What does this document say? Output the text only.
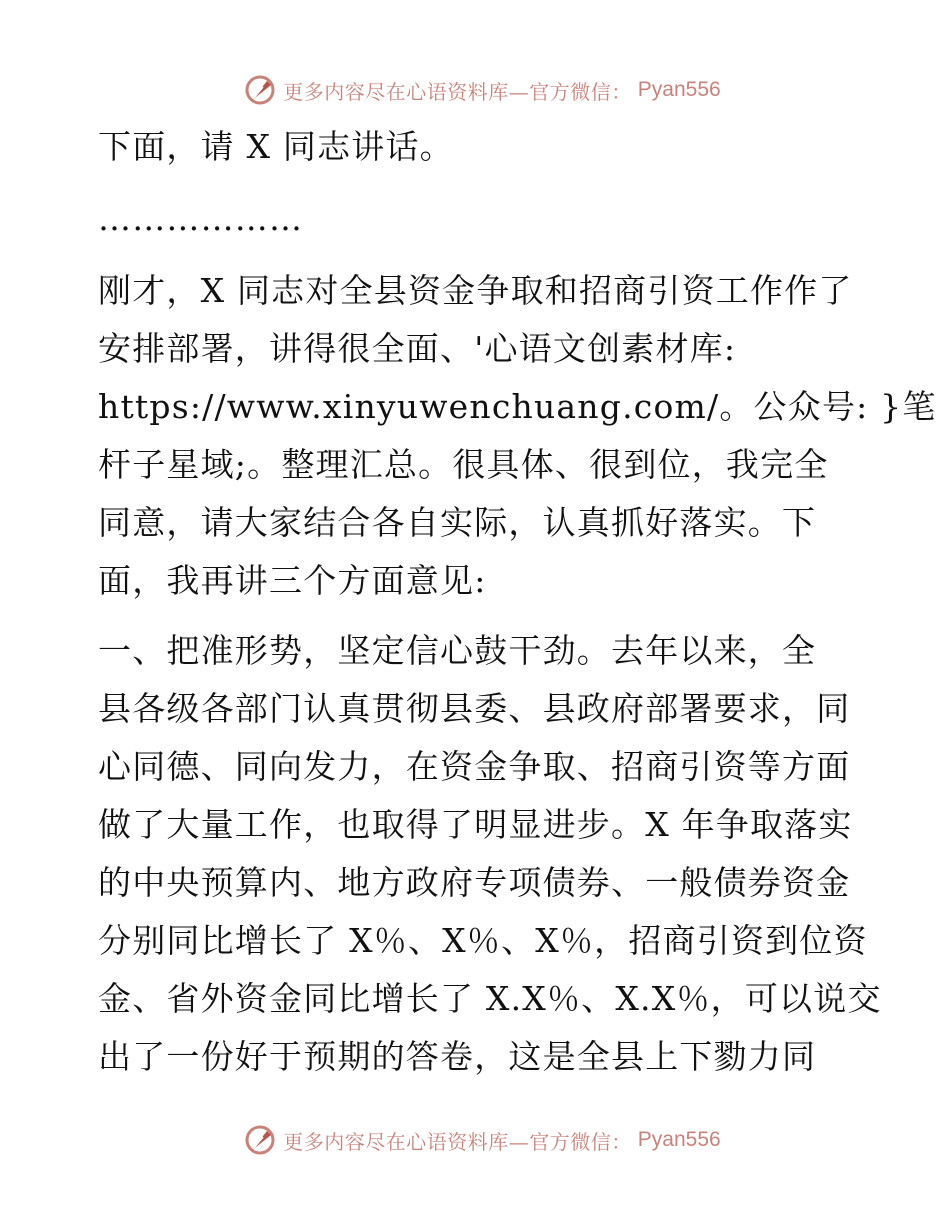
更多内容尽在心语资料库—官方微信： Pyan556
下面，请 X 同志讲话。
………………
刚才，X 同志对全县资金争取和招商引资工作作了
安排部署，讲得很全面、'心语文创素材库:
https://www.xinyuwenchuang.com/。公众号: }笔
杆子星域;。整理汇总。很具体、很到位，我完全
同意，请大家结合各自实际，认真抓好落实。下
面，我再讲三个方面意见:
一、把准形势，坚定信心鼓干劲。去年以来，全
县各级各部门认真贯彻县委、县政府部署要求，同
心同德、同向发力，在资金争取、招商引资等方面
做了大量工作，也取得了明显进步。X 年争取落实
的中央预算内、地方政府专项债券、一般债券资金
分别同比增长了 X％、X％、X％，招商引资到位资
金、省外资金同比增长了 X.X％、X.X％，可以说交
出了一份好于预期的答卷，这是全县上下勠力同
更多内容尽在心语资料库—官方微信： Pyan556
